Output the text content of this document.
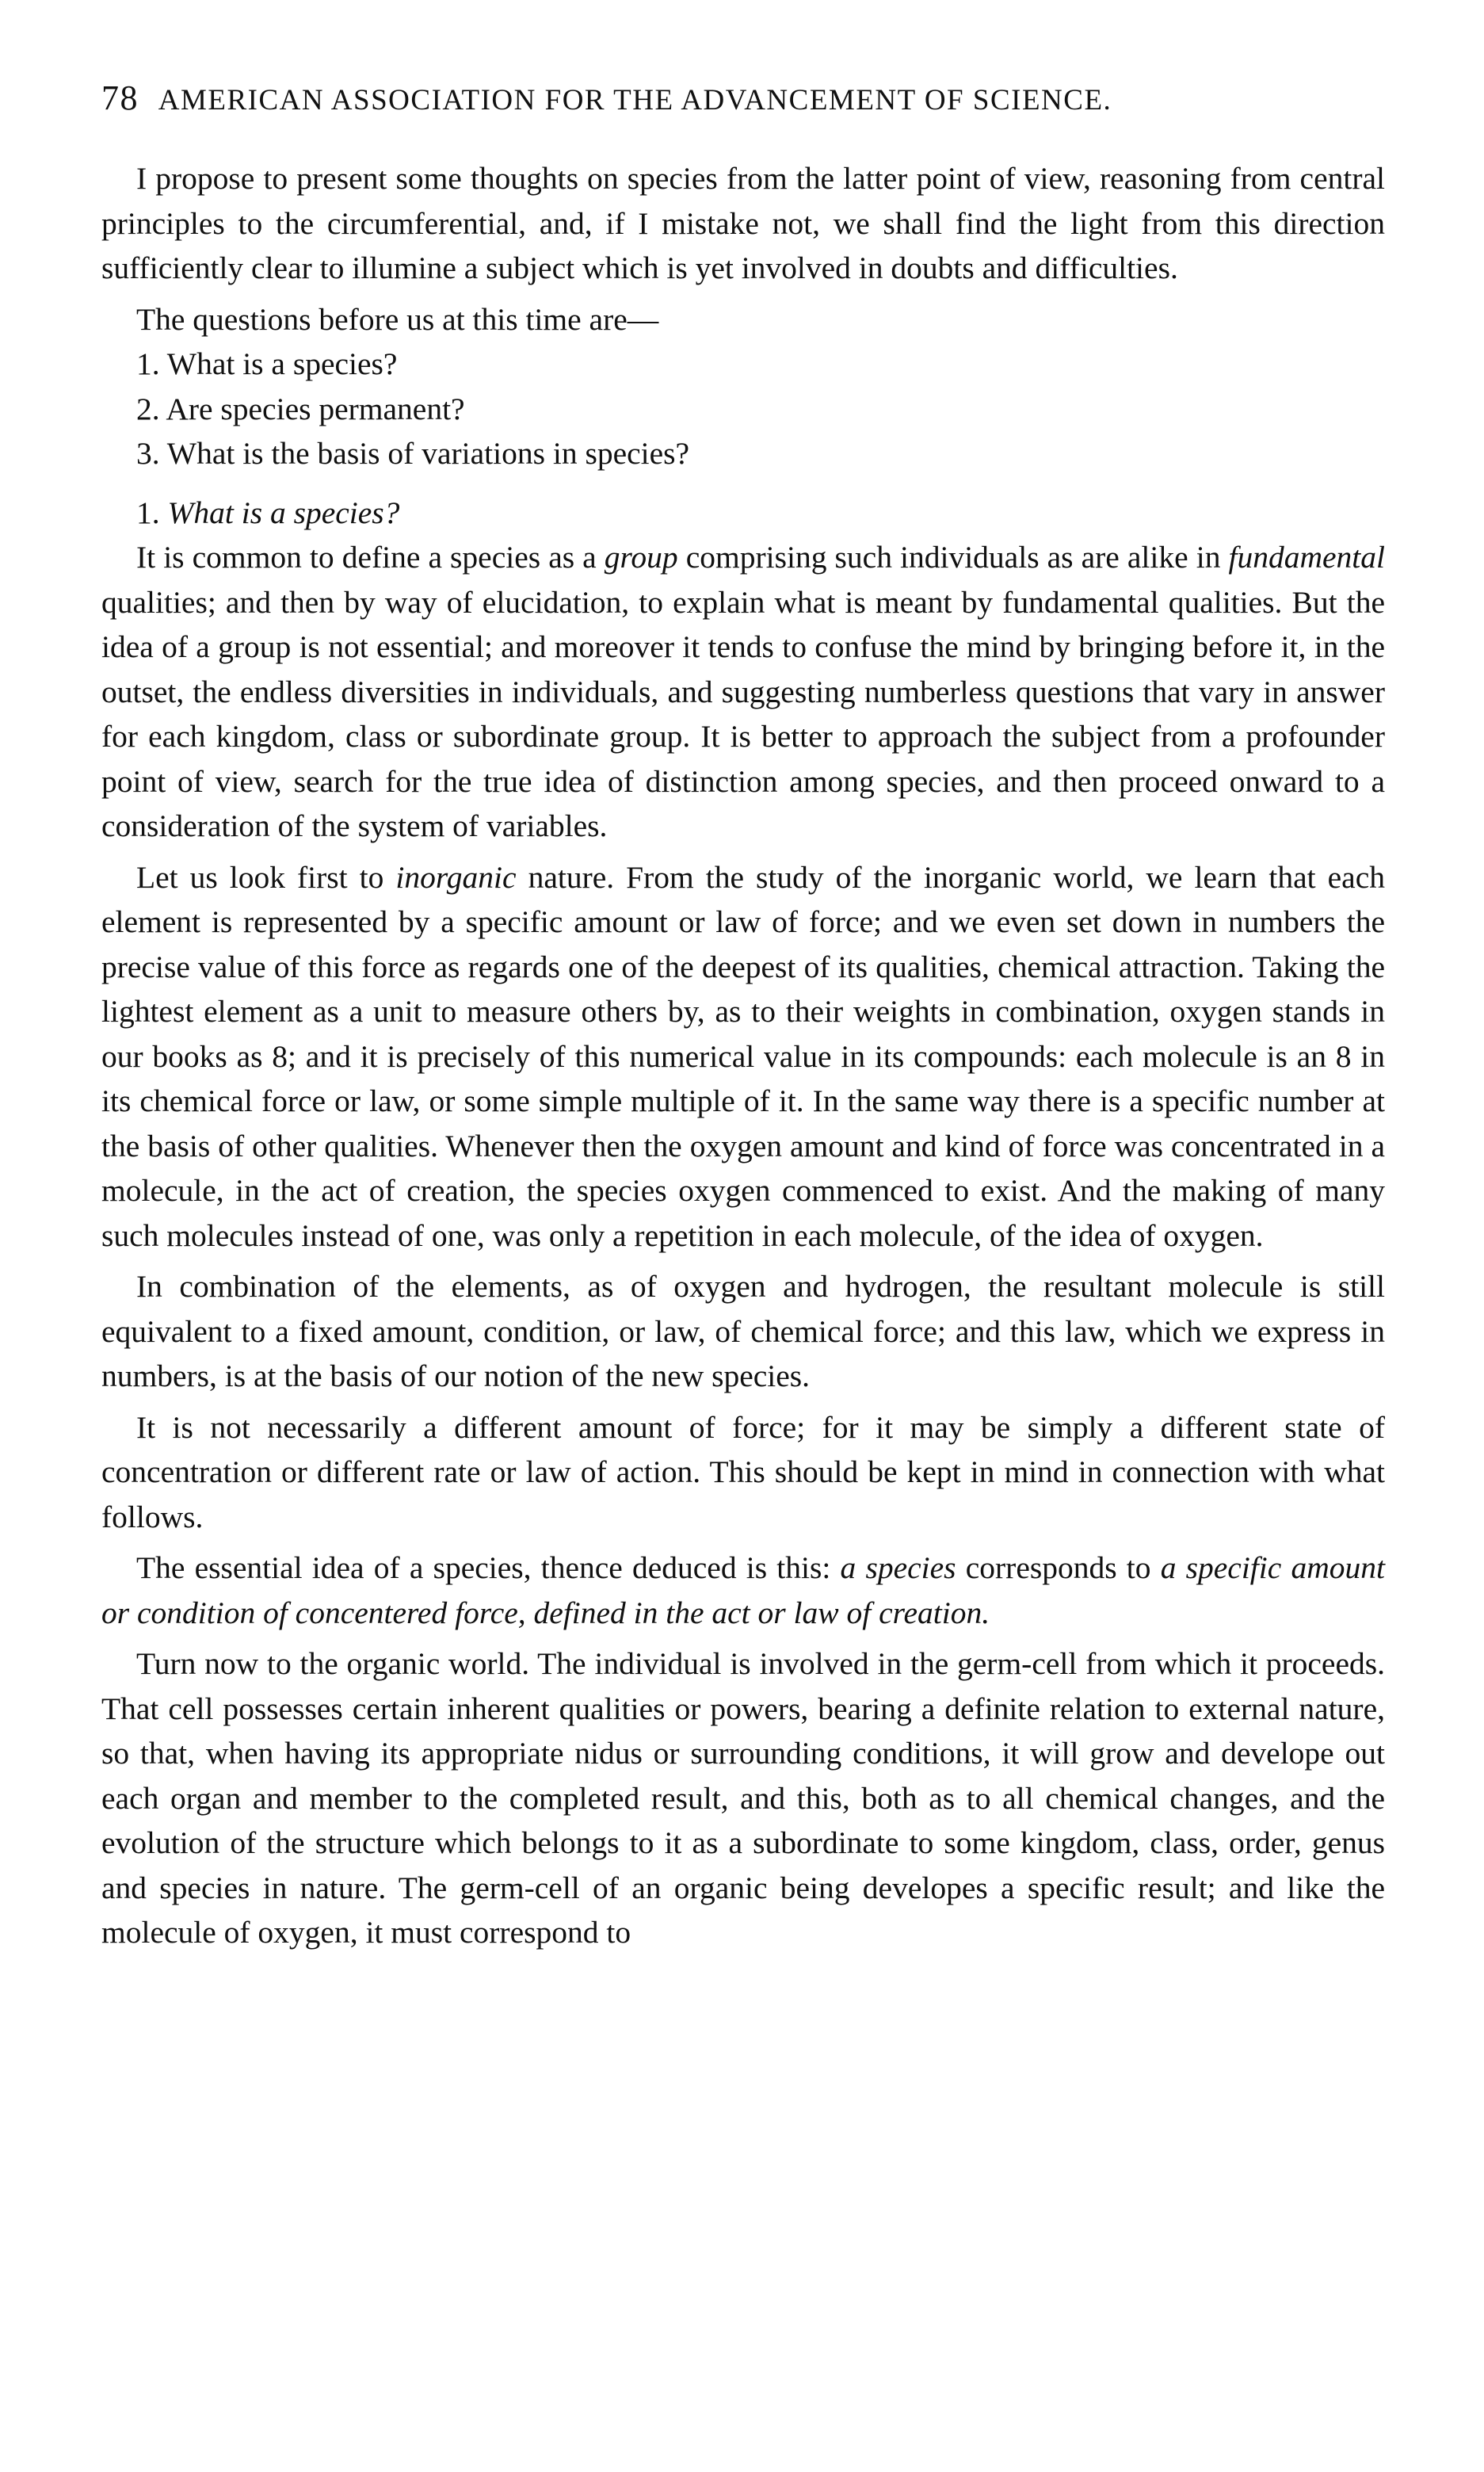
78 AMERICAN ASSOCIATION FOR THE ADVANCEMENT OF SCIENCE.

I propose to present some thoughts on species from the latter point of view, reasoning from central principles to the circumferential, and, if I mistake not, we shall find the light from this direction sufficiently clear to illumine a subject which is yet involved in doubts and difficulties.

The questions before us at this time are—

1. What is a species?

2. Are species permanent?

3. What is the basis of variations in species?

1. What is a species?

It is common to define a species as a group comprising such individuals as are alike in fundamental qualities; and then by way of elucidation, to explain what is meant by fundamental qualities. But the idea of a group is not essential; and moreover it tends to confuse the mind by bringing before it, in the outset, the endless diversities in individuals, and suggesting numberless questions that vary in answer for each kingdom, class or subordinate group. It is better to approach the subject from a profounder point of view, search for the true idea of distinction among species, and then proceed onward to a consideration of the system of variables.

Let us look first to inorganic nature. From the study of the inorganic world, we learn that each element is represented by a specific amount or law of force; and we even set down in numbers the precise value of this force as regards one of the deepest of its qualities, chemical attraction. Taking the lightest element as a unit to measure others by, as to their weights in combination, oxygen stands in our books as 8; and it is precisely of this numerical value in its compounds: each molecule is an 8 in its chemical force or law, or some simple multiple of it. In the same way there is a specific number at the basis of other qualities. Whenever then the oxygen amount and kind of force was concentrated in a molecule, in the act of creation, the species oxygen commenced to exist. And the making of many such molecules instead of one, was only a repetition in each molecule, of the idea of oxygen.

In combination of the elements, as of oxygen and hydrogen, the resultant molecule is still equivalent to a fixed amount, condition, or law, of chemical force; and this law, which we express in numbers, is at the basis of our notion of the new species.

It is not necessarily a different amount of force; for it may be simply a different state of concentration or different rate or law of action. This should be kept in mind in connection with what follows.

The essential idea of a species, thence deduced is this: a species corresponds to a specific amount or condition of concentered force, defined in the act or law of creation.

Turn now to the organic world. The individual is involved in the germ-cell from which it proceeds. That cell possesses certain inherent qualities or powers, bearing a definite relation to external nature, so that, when having its appropriate nidus or surrounding conditions, it will grow and develope out each organ and member to the completed result, and this, both as to all chemical changes, and the evolution of the structure which belongs to it as a subordinate to some kingdom, class, order, genus and species in nature. The germ-cell of an organic being developes a specific result; and like the molecule of oxygen, it must correspond to
